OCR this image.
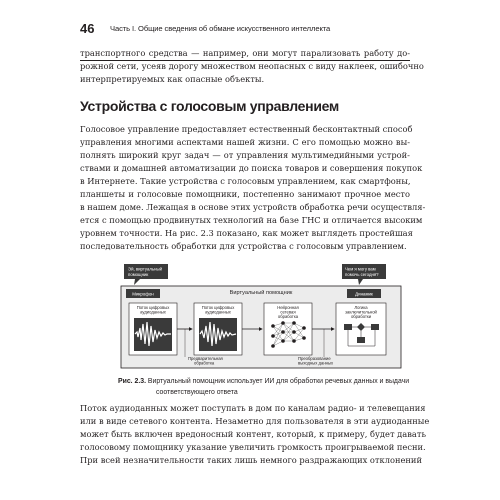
46 Часть I. Общие сведения об обмане искусственного интеллекта

транспортного средства — например, они могут парализовать работу до-
рожной сети, усеяв дорогу множеством неопасных с виду наклеек, ошибочно
интерпретируемых как опасные объекты.

Устройства с голосовым управлением

Голосовое управление предоставляет естественный бесконтактный способ
управления многими аспектами нашей жизни. С его помощью можно вы-
полнять широкий круг задач — от управления мультимедийными устрой-
ствами и домашней автоматизации до поиска товаров и совершения покупок
в Интернете. Такие устройства с голосовым управлением, как смартфоны,
планшеты и голосовые помощники, постепенно занимают прочное место
в нашем доме. Лежащая в основе этих устройств обработка речи осуществля-
ется с помощью продвинутых технологий на базе ГНС и отличается высоким
уровнем точности. На рис. 2.3 показано, как может выглядеть простейшая
последовательность обработки для устройства с голосовым управлением.

Эй, виртуальный
помощник
Чем я могу вам
помочь сегодня?
Виртуальный помощник
Микрофон	Динамик
Поток цифровых
аудиоданных
Поток цифровых
аудиоданных
Нейронная
сетевая
обработка
Логика
заключительной
обработки
Предварительная
обработка
Преобразование
выходных данных
Рис. 2.3. Виртуальный помощник использует ИИ для обработки речевых данных и выдачи
соответствующего ответа

Поток аудиоданных может поступать в дом по каналам радио- и телевещания
или в виде сетевого контента. Незаметно для пользователя в эти аудиоданные
может быть включен вредоносный контент, который, к примеру, будет давать
голосовому помощнику указание увеличить громкость проигрываемой песни.
При всей незначительности таких лишь немного раздражающих отклонений
